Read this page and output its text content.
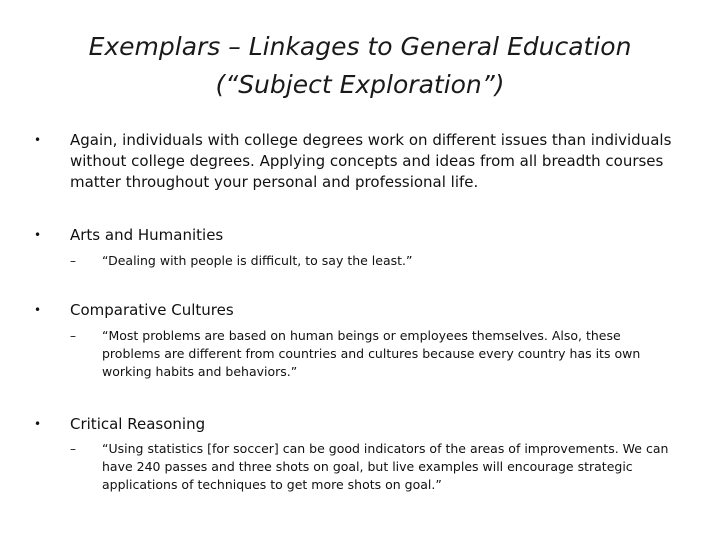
Exemplars – Linkages to General Education
(“Subject Exploration”)
• Again, individuals with college degrees work on different issues than individuals without college degrees. Applying concepts and ideas from all breadth courses matter throughout your personal and professional life.
• Arts and Humanities
– “Dealing with people is difficult, to say the least.”
• Comparative Cultures
– “Most problems are based on human beings or employees themselves. Also, these problems are different from countries and cultures because every country has its own working habits and behaviors.”
• Critical Reasoning
– “Using statistics [for soccer] can be good indicators of the areas of improvements. We can have 240 passes and three shots on goal, but live examples will encourage strategic applications of techniques to get more shots on goal.”
